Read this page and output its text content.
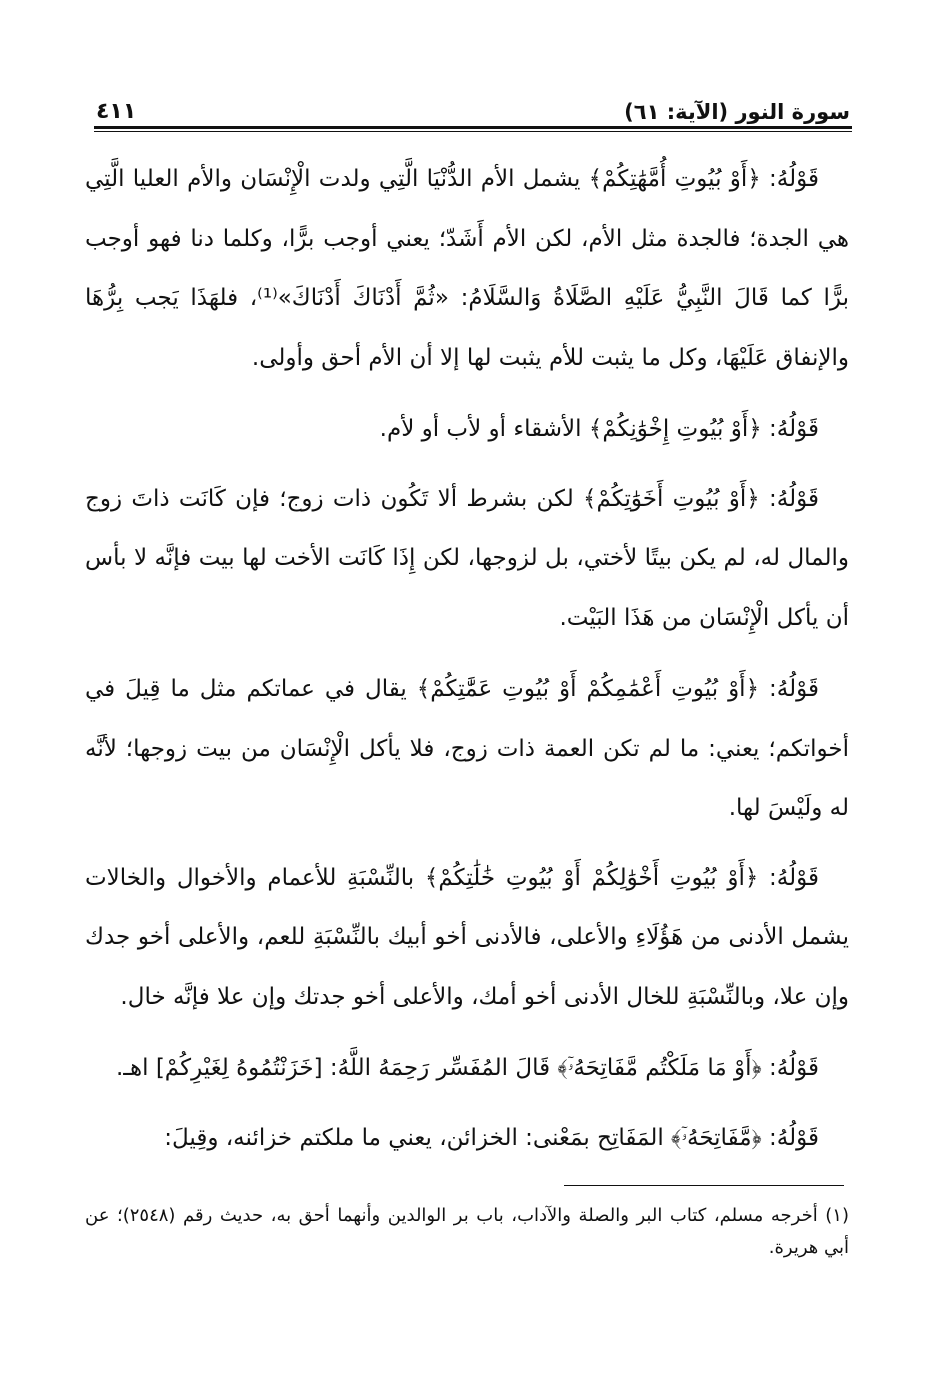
سورة النور (الآية: ٦١)
٤١١

قَوْلُهُ: ﴿أَوْ بُيُوتِ أُمَّهَٰتِكُمْ﴾ يشمل الأم الدُّنْيَا الَّتِي ولدت الْإِنْسَان والأم العليا الَّتِي هي الجدة؛ فالجدة مثل الأم، لكن الأم أَشَدّ؛ يعني أوجب برًّا، وكلما دنا فهو أوجب برًّا كما قَالَ النَّبِيُّ عَلَيْهِ الصَّلَاةُ وَالسَّلَامُ: «ثُمَّ أَدْنَاكَ أَدْنَاكَ»⁽¹⁾، فلهَذَا يَجب بِرُّهَا والإنفاق عَلَيْهَا، وكل ما يثبت للأم يثبت لها إلا أن الأم أحق وأولى.

قَوْلُهُ: ﴿أَوْ بُيُوتِ إِخْوَٰنِكُمْ﴾ الأشقاء أو لأب أو لأم.

قَوْلُهُ: ﴿أَوْ بُيُوتِ أَخَوَٰتِكُمْ﴾ لكن بشرط ألا تَكُون ذات زوج؛ فإن كَانَت ذاتَ زوج والمال له، لم يكن بيتًا لأختي، بل لزوجها، لكن إِذَا كَانَت الأخت لها بيت فإنَّه لا بأس أن يأكل الْإِنْسَان من هَذَا البَيْت.

قَوْلُهُ: ﴿أَوْ بُيُوتِ أَعْمَٰمِكُمْ أَوْ بُيُوتِ عَمَّٰتِكُمْ﴾ يقال في عماتكم مثل ما قِيلَ في أخواتكم؛ يعني: ما لم تكن العمة ذات زوج، فلا يأكل الْإِنْسَان من بيت زوجها؛ لأنَّه له ولَيْسَ لها.

قَوْلُهُ: ﴿أَوْ بُيُوتِ أَخْوَٰلِكُمْ أَوْ بُيُوتِ خَٰلَٰتِكُمْ﴾ بالنِّسْبَةِ للأعمام والأخوال والخالات يشمل الأدنى من هَؤُلَاءِ والأعلى، فالأدنى أخو أبيك بالنِّسْبَةِ للعم، والأعلى أخو جدك وإن علا، وبالنِّسْبَةِ للخال الأدنى أخو أمك، والأعلى أخو جدتك وإن علا فإنَّه خال.

قَوْلُهُ: ﴿أَوْ مَا مَلَكْتُم مَّفَاتِحَهُۥٓ﴾ قَالَ المُفَسِّر رَحِمَهُ اللَّهُ: [خَزَنْتُمُوهُ لِغَيْرِكُمْ] اهـ.

قَوْلُهُ: ﴿مَّفَاتِحَهُۥٓ﴾ المَفَاتِح بمَعْنى: الخزائن، يعني ما ملكتم خزائنه، وقِيلَ:

(١) أخرجه مسلم، كتاب البر والصلة والآداب، باب بر الوالدين وأنهما أحق به، حديث رقم (٢٥٤٨)؛ عن أبي هريرة.
